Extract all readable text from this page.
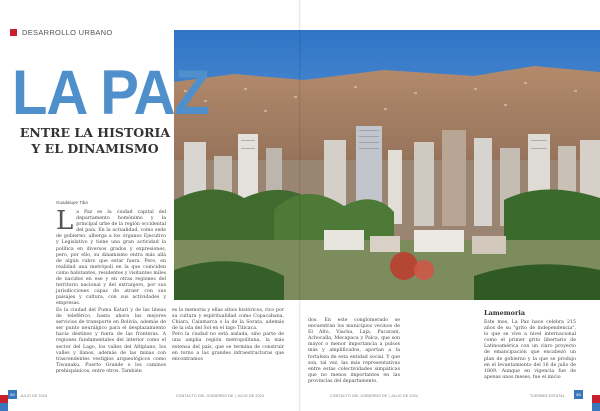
DESARROLLO URBANO
LA PAZ
ENTRE LA HISTORIA
Y EL DINAMISMO
Guadalupe Tiba
L a Paz es la ciudad capital del departamento homónimo y la principal urbe de la región occidental del país. En la actualidad, como sede de gobierno, alberga a los órganos Ejecutivo y Legislativo y tiene una gran actividad la política en diversos grados y expresiones, pero, por ello, su dinamismo entra más allá de algún rubro que estar fuera. Pero, en realidad una metrópoli en la que coinciden como habitantes, residentes y visitantes miles de nacidos en ese y en otras regiones del territorio nacional y del extranjero, por sus jurisdicciones capaz de atraer con sus paisajes y cultura, con sus actividades y empresas.
Es la ciudad del Puma Katari y de las líneas de teleférico, hasta ahora las mejores servicios de transporte en Bolivia, además de ser punto neurálgico para el desplazamiento hacia destinos y fuera de las fronteras. A regiones fundamentales del interior como el sector del Lago, los valles del Altiplano, los valles y llanos, además de las minas con trascendentes vestigios arqueológicos como Tiwanaku, Puerto Grande o los caminos prehispánicos, entre otros. También
es la memoria y ellas sitios históricos, rico por su cultura y espiritualidad como Copacabana, Chiara, Calamarca o la de la Sorata, además de la isla del Sol en el lago Titicaca.
Pero la ciudad no está aislada, sino parte de una amplia región metropolitana, la más extensa del país, que se termina de construir en torno a las grandes infraestructuras que encontramos
dos. En este conglomerado se encuentran los municipios vecinos de El Alto, Viacha, Laja, Pucarani, Achocalla, Mecapaca y Palca, que son mayor o menor importancia a pulsos más y amplificados, aportan a la fortaleza de esta entidad social. Y que son, tal vez, las más representativas entre estas colectividades simpáticas que no menos importantes en las provincias del departamento.
Lamemoria
Este mes, La Paz hace celebra 215 años de su "grito de independencia", lo que se vive a nivel internacional como el primer grito libertario de Latinoamérica con un claro proyecto de emancipación que encabezó un plan de gobierno y la que se produjo en el levantamiento del 16 de julio de 1809. Aunque en vigencia fue de apenas unos meses, fue el inicio
84	JULIO DE 2024	CONTACTO DEL GOBIERNO DE | JULIO DE 2024	CONTACTO DEL GOBIERNO DE | JULIO DE 2024	TURISMO ESTATAL	85
